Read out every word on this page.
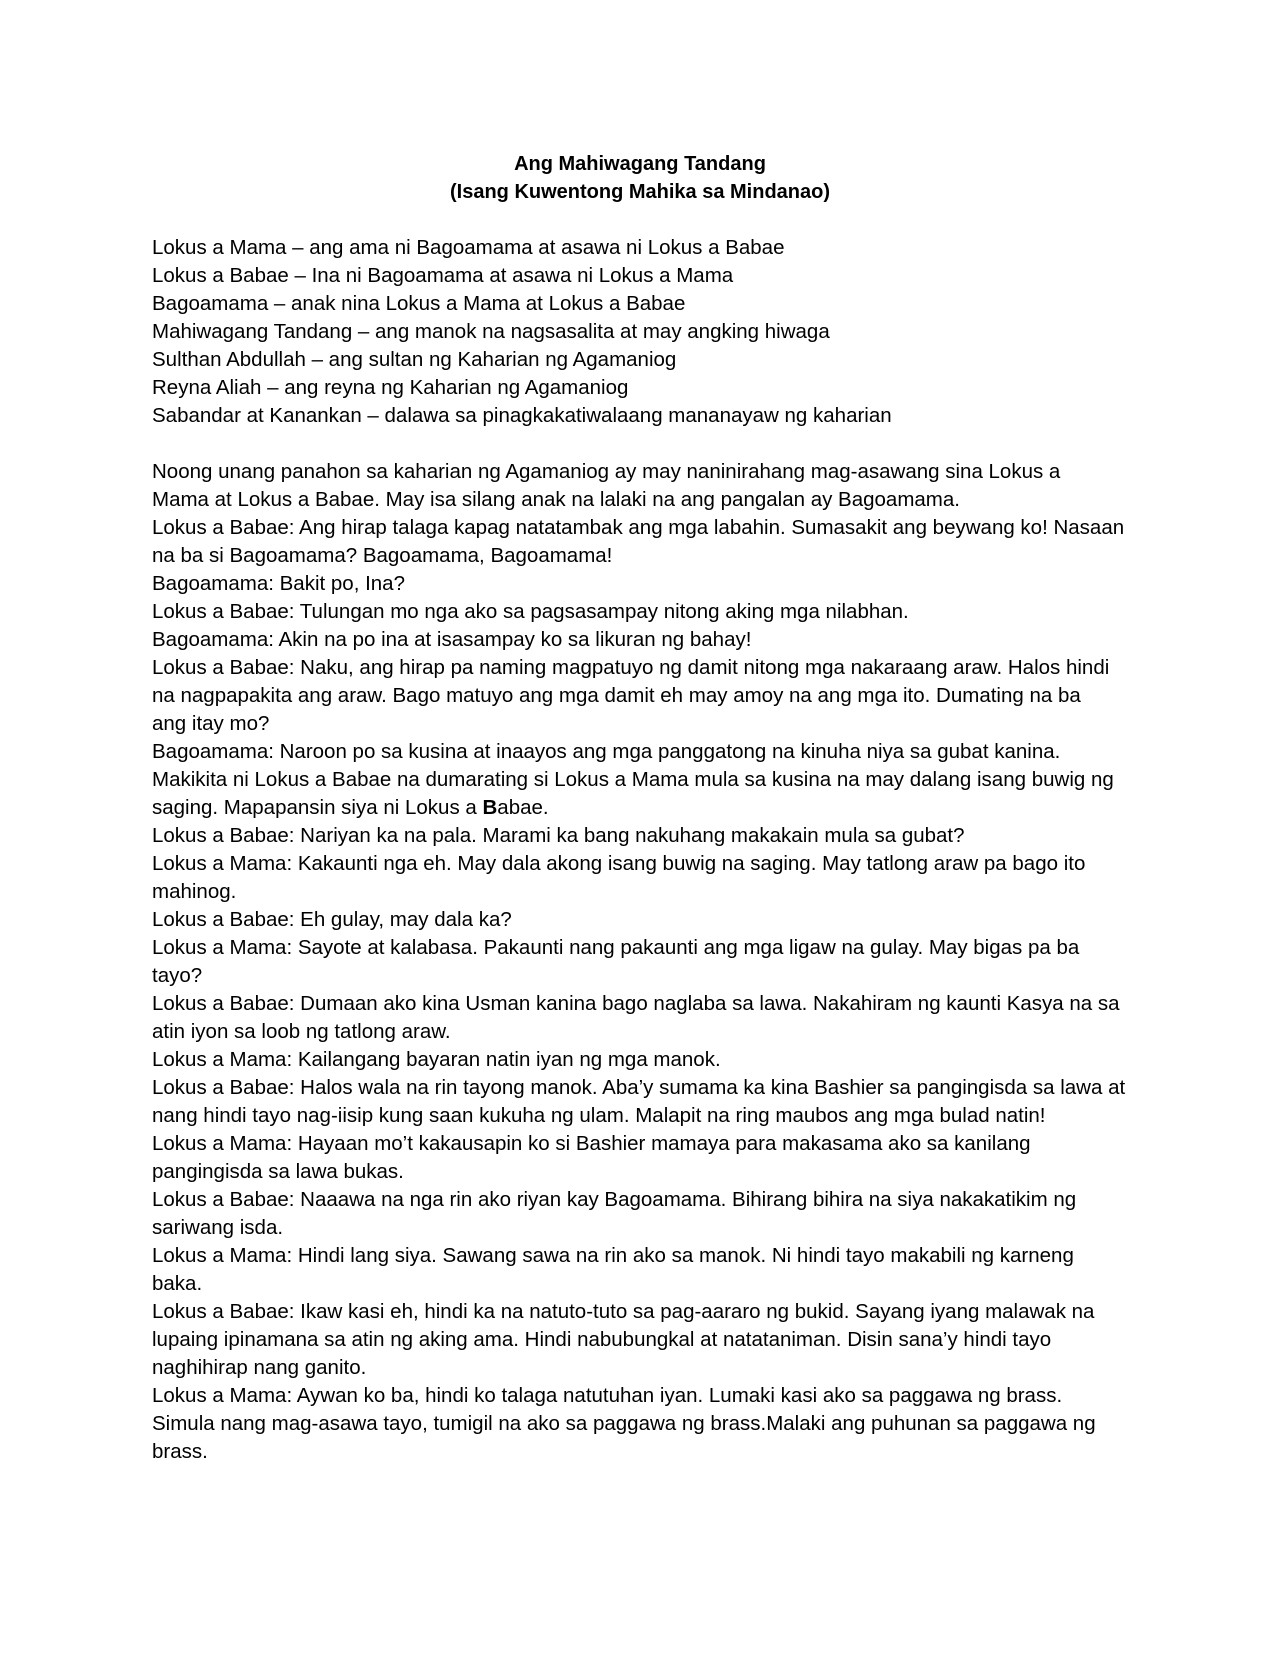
Ang Mahiwagang Tandang

(Isang Kuwentong Mahika sa Mindanao)

Lokus a Mama – ang ama ni Bagoamama at asawa ni Lokus a Babae

Lokus a Babae – Ina ni Bagoamama at asawa ni Lokus a Mama

Bagoamama – anak nina Lokus a Mama at Lokus a Babae

Mahiwagang Tandang – ang manok na nagsasalita at may angking hiwaga

Sulthan Abdullah – ang sultan ng Kaharian ng Agamaniog

Reyna Aliah – ang reyna ng Kaharian ng Agamaniog

Sabandar at Kanankan – dalawa sa pinagkakatiwalaang mananayaw ng kaharian

Noong unang panahon sa kaharian ng Agamaniog ay may naninirahang mag-asawang sina Lokus a

Mama at Lokus a Babae. May isa silang anak na lalaki na ang pangalan ay Bagoamama.

Lokus a Babae: Ang hirap talaga kapag natatambak ang mga labahin. Sumasakit ang beywang ko! Nasaan

na ba si Bagoamama? Bagoamama, Bagoamama!

Bagoamama: Bakit po, Ina?

Lokus a Babae: Tulungan mo nga ako sa pagsasampay nitong aking mga nilabhan.

Bagoamama: Akin na po ina at isasampay ko sa likuran ng bahay!

Lokus a Babae: Naku, ang hirap pa naming magpatuyo ng damit nitong mga nakaraang araw. Halos hindi

na nagpapakita ang araw. Bago matuyo ang mga damit eh may amoy na ang mga ito. Dumating na ba

ang itay mo?

Bagoamama: Naroon po sa kusina at inaayos ang mga panggatong na kinuha niya sa gubat kanina.

Makikita ni Lokus a Babae na dumarating si Lokus a Mama mula sa kusina na may dalang isang buwig ng

saging. Mapapansin siya ni Lokus a Babae.

Lokus a Babae: Nariyan ka na pala. Marami ka bang nakuhang makakain mula sa gubat?

Lokus a Mama: Kakaunti nga eh. May dala akong isang buwig na saging. May tatlong araw pa bago ito

mahinog.

Lokus a Babae: Eh gulay, may dala ka?

Lokus a Mama: Sayote at kalabasa. Pakaunti nang pakaunti ang mga ligaw na gulay. May bigas pa ba

tayo?

Lokus a Babae: Dumaan ako kina Usman kanina bago naglaba sa lawa. Nakahiram ng kaunti Kasya na sa

atin iyon sa loob ng tatlong araw.

Lokus a Mama: Kailangang bayaran natin iyan ng mga manok.

Lokus a Babae: Halos wala na rin tayong manok. Aba’y sumama ka kina Bashier sa pangingisda sa lawa at

nang hindi tayo nag-iisip kung saan kukuha ng ulam. Malapit na ring maubos ang mga bulad natin!

Lokus a Mama: Hayaan mo’t kakausapin ko si Bashier mamaya para makasama ako sa kanilang

pangingisda sa lawa bukas.

Lokus a Babae: Naaawa na nga rin ako riyan kay Bagoamama. Bihirang bihira na siya nakakatikim ng

sariwang isda.

Lokus a Mama: Hindi lang siya. Sawang sawa na rin ako sa manok. Ni hindi tayo makabili ng karneng

baka.

Lokus a Babae: Ikaw kasi eh, hindi ka na natuto-tuto sa pag-aararo ng bukid. Sayang iyang malawak na

lupaing ipinamana sa atin ng aking ama. Hindi nabubungkal at natataniman. Disin sana’y hindi tayo

naghihirap nang ganito.

Lokus a Mama: Aywan ko ba, hindi ko talaga natutuhan iyan. Lumaki kasi ako sa paggawa ng brass.

Simula nang mag-asawa tayo, tumigil na ako sa paggawa ng brass.Malaki ang puhunan sa paggawa ng

brass.
